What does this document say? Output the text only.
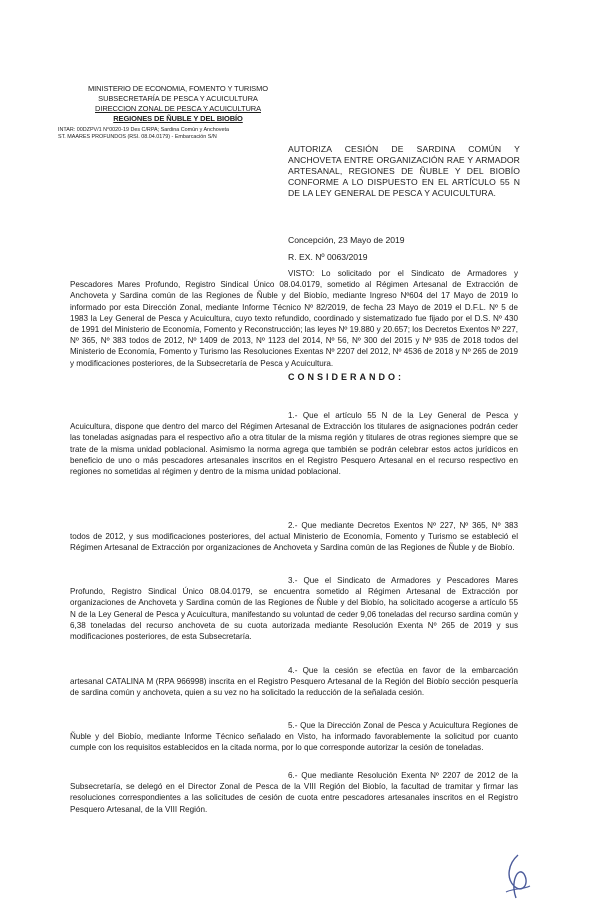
MINISTERIO DE ECONOMIA, FOMENTO Y TURISMO
SUBSECRETARÍA DE PESCA Y ACUICULTURA
DIRECCION ZONAL DE PESCA Y ACUICULTURA
REGIONES DE ÑUBLE Y DEL BIOBÍO
INTAR: 00DZPV/1 N°0020-19 Des C/RPA; Sardina Común y Anchoveta
ST. MAARES PROFUNDOS (RSI. 08.04.0179) - Embarcación S/N
AUTORIZA CESIÓN DE SARDINA COMÚN Y ANCHOVETA ENTRE ORGANIZACIÓN RAE Y ARMADOR ARTESANAL, REGIONES DE ÑUBLE Y DEL BIOBÍO CONFORME A LO DISPUESTO EN EL ARTÍCULO 55 N DE LA LEY GENERAL DE PESCA Y ACUICULTURA.
Concepción, 23 Mayo de 2019
R. EX. Nº 0063/2019
VISTO: Lo solicitado por el Sindicato de Armadores y Pescadores Mares Profundo, Registro Sindical Único 08.04.0179, sometido al Régimen Artesanal de Extracción de Anchoveta y Sardina común de las Regiones de Ñuble y del Biobío, mediante Ingreso Nº604 del 17 Mayo de 2019 lo informado por esta Dirección Zonal, mediante Informe Técnico Nº 82/2019, de fecha 23 Mayo de 2019 el D.F.L. Nº 5 de 1983 la Ley General de Pesca y Acuicultura, cuyo texto refundido, coordinado y sistematizado fue fijado por el D.S. Nº 430 de 1991 del Ministerio de Economía, Fomento y Reconstrucción; las leyes Nº 19.880 y 20.657; los Decretos Exentos Nº 227, Nº 365, Nº 383 todos de 2012, Nº 1409 de 2013, Nº 1123 del 2014, Nº 56, Nº 300 del 2015 y Nº 935 de 2018 todos del Ministerio de Economía, Fomento y Turismo las Resoluciones Exentas Nº 2207 del 2012, Nº 4536 de 2018 y Nº 265 de 2019 y modificaciones posteriores, de la Subsecretaría de Pesca y Acuicultura.
CONSIDERANDO:
1.- Que el artículo 55 N de la Ley General de Pesca y Acuicultura, dispone que dentro del marco del Régimen Artesanal de Extracción los titulares de asignaciones podrán ceder las toneladas asignadas para el respectivo año a otra titular de la misma región y titulares de otras regiones siempre que se trate de la misma unidad poblacional. Asimismo la norma agrega que también se podrán celebrar estos actos jurídicos en beneficio de uno o más pescadores artesanales inscritos en el Registro Pesquero Artesanal en el recurso respectivo en regiones no sometidas al régimen y dentro de la misma unidad poblacional.
2.- Que mediante Decretos Exentos Nº 227, Nº 365, Nº 383 todos de 2012, y sus modificaciones posteriores, del actual Ministerio de Economía, Fomento y Turismo se estableció el Régimen Artesanal de Extracción por organizaciones de Anchoveta y Sardina común de las Regiones de Ñuble y de Biobío.
3.- Que el Sindicato de Armadores y Pescadores Mares Profundo, Registro Sindical Único 08.04.0179, se encuentra sometido al Régimen Artesanal de Extracción por organizaciones de Anchoveta y Sardina común de las Regiones de Ñuble y del Biobío, ha solicitado acogerse a artículo 55 N de la Ley General de Pesca y Acuicultura, manifestando su voluntad de ceder 9,06 toneladas del recurso sardina común y 6,38 toneladas del recurso anchoveta de su cuota autorizada mediante Resolución Exenta Nº 265 de 2019 y sus modificaciones posteriores, de esta Subsecretaría.
4.- Que la cesión se efectúa en favor de la embarcación artesanal CATALINA M (RPA 966998) inscrita en el Registro Pesquero Artesanal de la Región del Biobío sección pesquería de sardina común y anchoveta, quien a su vez no ha solicitado la reducción de la señalada cesión.
5.- Que la Dirección Zonal de Pesca y Acuicultura Regiones de Ñuble y del Biobío, mediante Informe Técnico señalado en Visto, ha informado favorablemente la solicitud por cuanto cumple con los requisitos establecidos en la citada norma, por lo que corresponde autorizar la cesión de toneladas.
6.- Que mediante Resolución Exenta Nº 2207 de 2012 de la Subsecretaría, se delegó en el Director Zonal de Pesca de la VIII Región del Biobío, la facultad de tramitar y firmar las resoluciones correspondientes a las solicitudes de cesión de cuota entre pescadores artesanales inscritos en el Registro Pesquero Artesanal, de la VIII Región.
